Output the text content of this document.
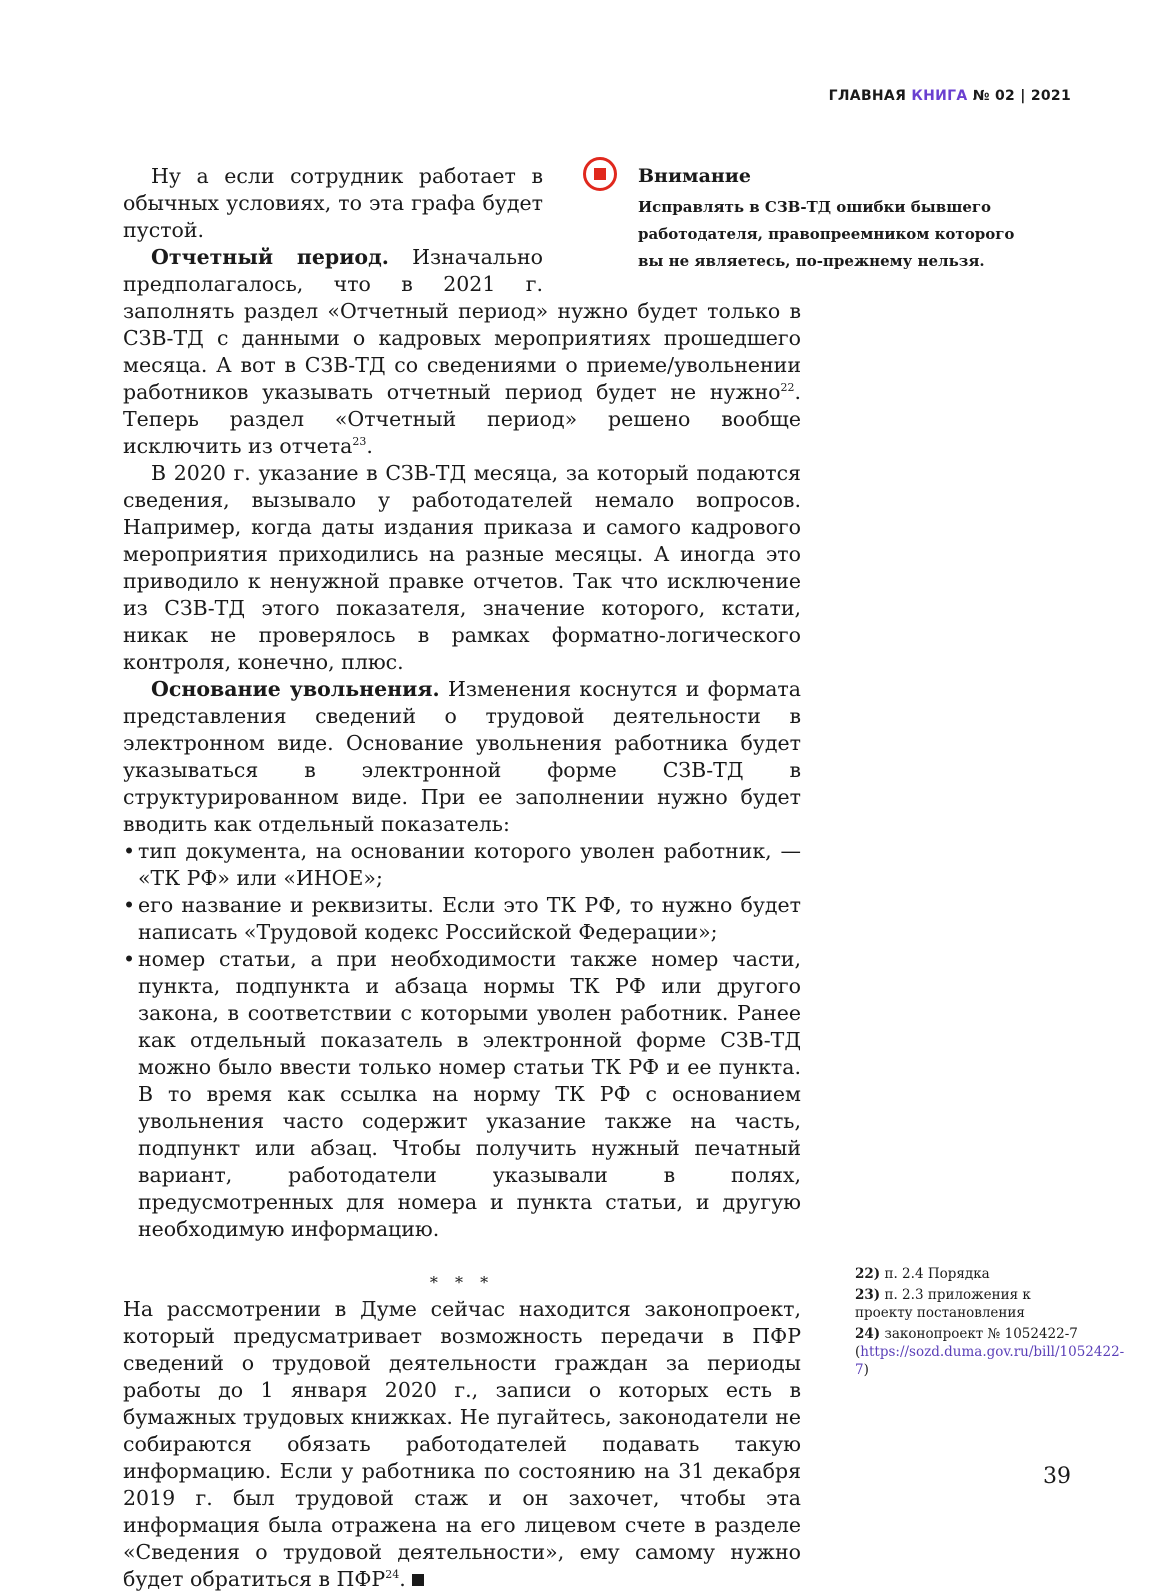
ГЛАВНАЯ КНИГА № 02 | 2021
Внимание
Исправлять в СЗВ-ТД ошибки бывшего работодателя, правопреемником которого вы не являетесь, по-прежнему нельзя.

Ну а если сотрудник работает в обычных условиях, то эта графа будет пустой.

Отчетный период. Изначально предполагалось, что в 2021 г. заполнять раздел «Отчетный период» нужно будет только в СЗВ-ТД с данными о кадровых мероприятиях прошедшего месяца. А вот в СЗВ-ТД со сведениями о приеме/увольнении работников указывать отчетный период будет не нужно$^{22}$. Теперь раздел «Отчетный период» решено вообще исключить из отчета$^{23}$.

В 2020 г. указание в СЗВ-ТД месяца, за который подаются сведения, вызывало у работодателей немало вопросов. Например, когда даты издания приказа и самого кадрового мероприятия приходились на разные месяцы. А иногда это приводило к ненужной правке отчетов. Так что исключение из СЗВ-ТД этого показателя, значение которого, кстати, никак не проверялось в рамках форматно-логического контроля, конечно, плюс.

Основание увольнения. Изменения коснутся и формата представления сведений о трудовой деятельности в электронном виде. Основание увольнения работника будет указываться в электронной форме СЗВ-ТД в структурированном виде. При ее заполнении нужно будет вводить как отдельный показатель:

• тип документа, на основании которого уволен работник, — «ТК РФ» или «ИНОЕ»;
• его название и реквизиты. Если это ТК РФ, то нужно будет написать «Трудовой кодекс Российской Федерации»;
• номер статьи, а при необходимости также номер части, пункта, подпункта и абзаца нормы ТК РФ или другого закона, в соответствии с которыми уволен работник. Ранее как отдельный показатель в электронной форме СЗВ-ТД можно было ввести только номер статьи ТК РФ и ее пункта. В то время как ссылка на норму ТК РФ с основанием увольнения часто содержит указание также на часть, подпункт или абзац. Чтобы получить нужный печатный вариант, работодатели указывали в полях, предусмотренных для номера и пункта статьи, и другую необходимую информацию.
* * *

На рассмотрении в Думе сейчас находится законопроект, который предусматривает возможность передачи в ПФР сведений о трудовой деятельности граждан за периоды работы до 1 января 2020 г., записи о которых есть в бумажных трудовых книжках. Не пугайтесь, законодатели не собираются обязать работодателей подавать такую информацию. Если у работника по состоянию на 31 декабря 2019 г. был трудовой стаж и он захочет, чтобы эта информация была отражена на его лицевом счете в разделе «Сведения о трудовой деятельности», ему самому нужно будет обратиться в ПФР$^{24}$.

22) п. 2.4 Порядка
23) п. 2.3 приложения к проекту постановления
24) законопроект № 1052422-7 (https://sozd.duma.gov.ru/bill/1052422-7)
39
